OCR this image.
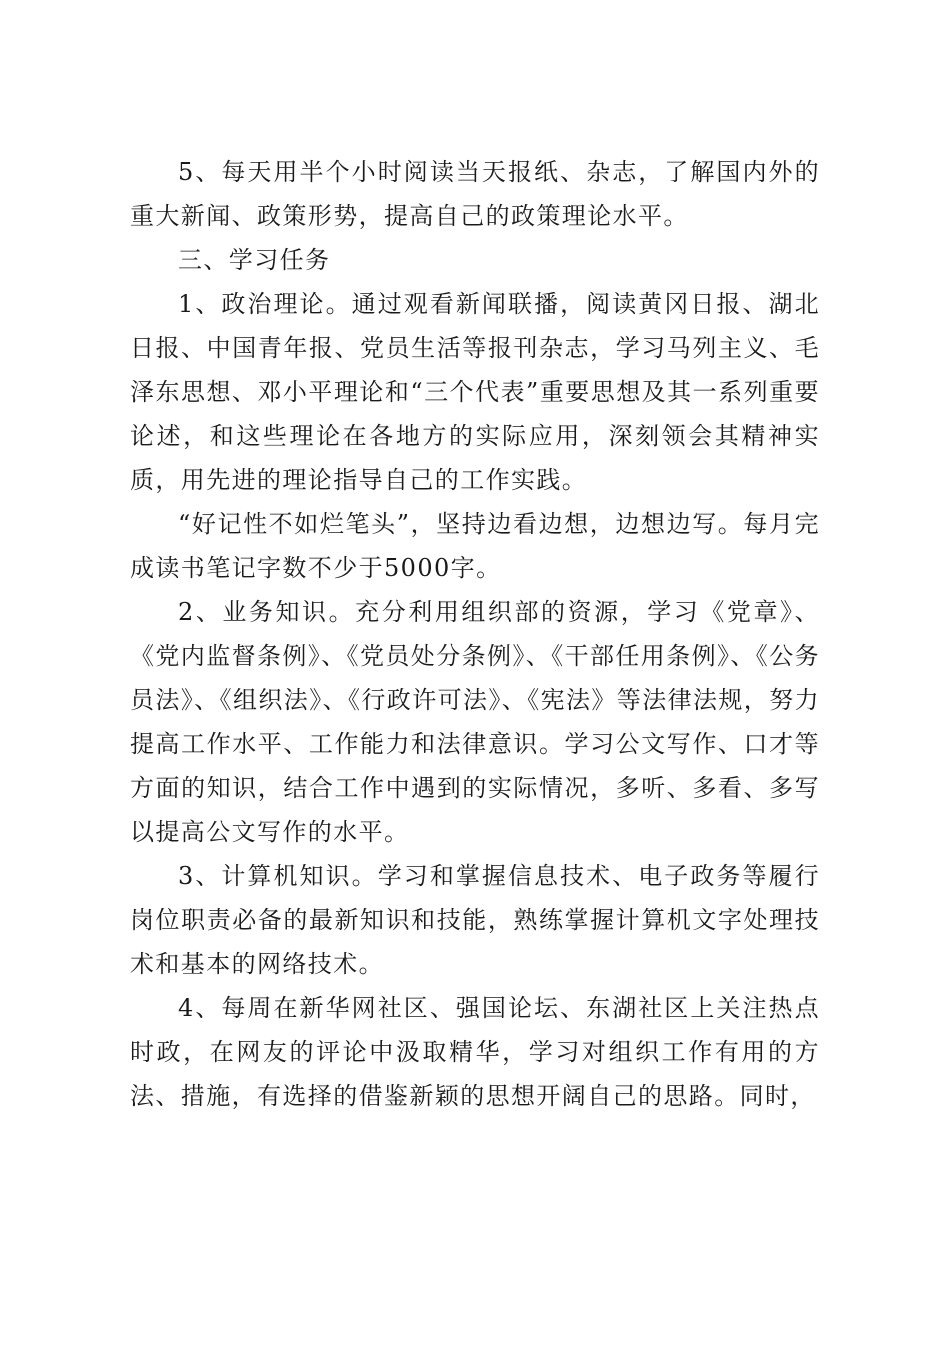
5、每天用半个小时阅读当天报纸、杂志，了解国内外的重大新闻、政策形势，提高自己的政策理论水平。

三、学习任务

1、政治理论。通过观看新闻联播，阅读黄冈日报、湖北日报、中国青年报、党员生活等报刊杂志，学习马列主义、毛泽东思想、邓小平理论和“三个代表”重要思想及其一系列重要论述，和这些理论在各地方的实际应用，深刻领会其精神实质，用先进的理论指导自己的工作实践。

“好记性不如烂笔头”，坚持边看边想，边想边写。每月完成读书笔记字数不少于5000字。

2、业务知识。充分利用组织部的资源，学习《党章》、《党内监督条例》、《党员处分条例》、《干部任用条例》、《公务员法》、《组织法》、《行政许可法》、《宪法》等法律法规，努力提高工作水平、工作能力和法律意识。学习公文写作、口才等方面的知识，结合工作中遇到的实际情况，多听、多看、多写以提高公文写作的水平。

3、计算机知识。学习和掌握信息技术、电子政务等履行岗位职责必备的最新知识和技能，熟练掌握计算机文字处理技术和基本的网络技术。

4、每周在新华网社区、强国论坛、东湖社区上关注热点时政，在网友的评论中汲取精华，学习对组织工作有用的方法、措施，有选择的借鉴新颖的思想开阔自己的思路。同时，
